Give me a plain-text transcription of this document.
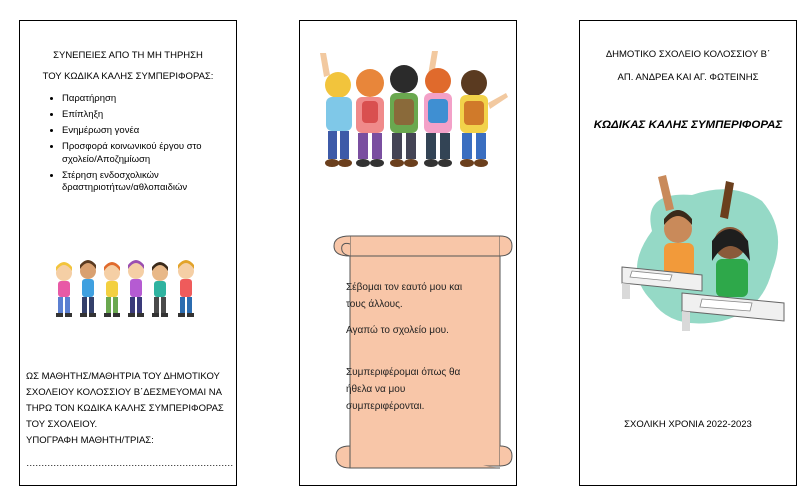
ΣΥΝΕΠΕΙΕΣ ΑΠΟ ΤΗ ΜΗ ΤΗΡΗΣΗ
ΤΟΥ ΚΩΔΙΚΑ ΚΑΛΗΣ ΣΥΜΠΕΡΙΦΟΡΑΣ:
• Παρατήρηση
• Επίπληξη
• Ενημέρωση γονέα
• Προσφορά κοινωνικού έργου στο σχολείο/Αποζημίωση
• Στέρηση ενδοσχολικών δραστηριοτήτων/αθλοπαιδιών
ΩΣ ΜΑΘΗΤΗΣ/ΜΑΘΗΤΡΙΑ ΤΟΥ ΔΗΜΟΤΙΚΟΥ ΣΧΟΛΕΙΟΥ ΚΟΛΟΣΣΙΟΥ Β΄ΔΕΣΜΕΥΟΜΑΙ ΝΑ ΤΗΡΩ ΤΟΝ ΚΩΔΙΚΑ ΚΑΛΗΣ ΣΥΜΠΕΡΙΦΟΡΑΣ ΤΟΥ ΣΧΟΛΕΙΟΥ.
ΥΠΟΓΡΑΦΗ ΜΑΘΗΤΗ/ΤΡΙΑΣ:
……………………………………………………………
Σέβομαι τον εαυτό μου και τους άλλους.
Αγαπώ το σχολείο μου.
Συμπεριφέρομαι όπως θα ήθελα να μου συμπεριφέρονται.
ΔΗΜΟΤΙΚΟ ΣΧΟΛΕΙΟ ΚΟΛΟΣΣΙΟΥ Β΄
ΑΠ. ΑΝΔΡΕΑ ΚΑΙ ΑΓ. ΦΩΤΕΙΝΗΣ
ΚΩΔΙΚΑΣ ΚΑΛΗΣ ΣΥΜΠΕΡΙΦΟΡΑΣ
ΣΧΟΛΙΚΗ ΧΡΟΝΙΑ 2022-2023
